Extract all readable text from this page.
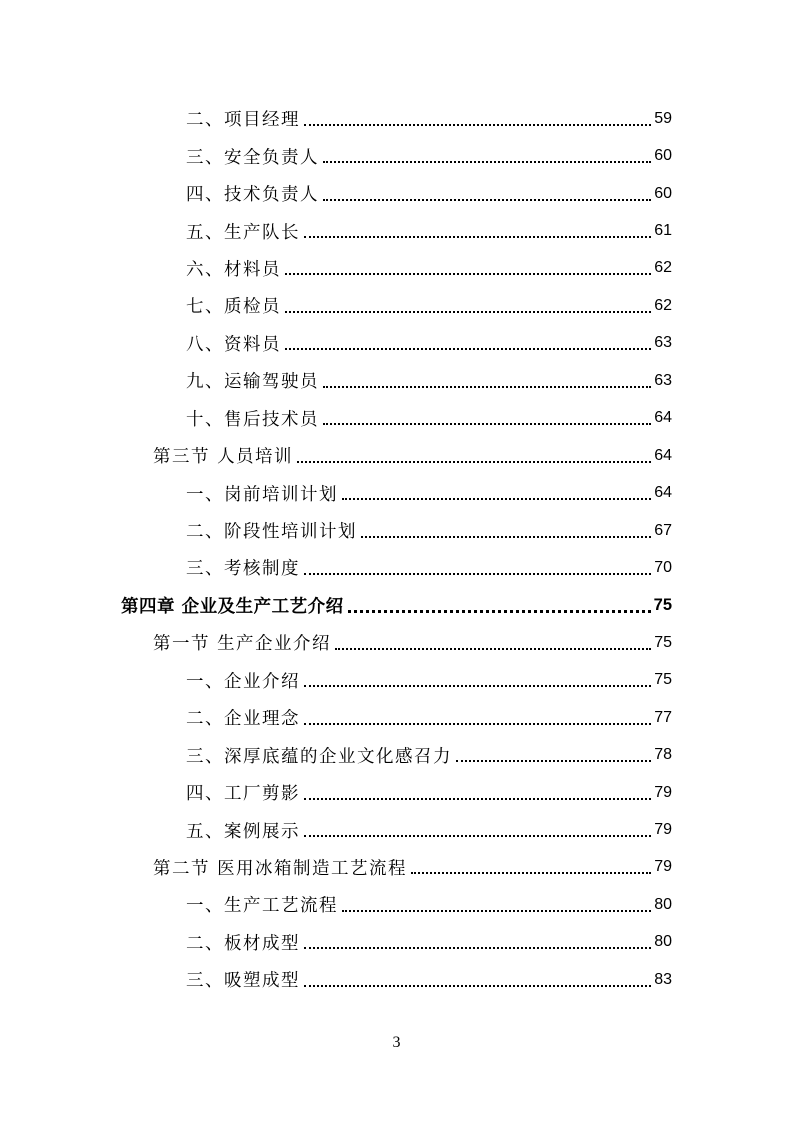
二、项目经理	59
三、安全负责人	60
四、技术负责人	60
五、生产队长	61
六、材料员	62
七、质检员	62
八、资料员	63
九、运输驾驶员	63
十、售后技术员	64
第三节 人员培训	64
一、岗前培训计划	64
二、阶段性培训计划	67
三、考核制度	70
第四章 企业及生产工艺介绍	75
第一节 生产企业介绍	75
一、企业介绍	75
二、企业理念	77
三、深厚底蕴的企业文化感召力	78
四、工厂剪影	79
五、案例展示	79
第二节 医用冰箱制造工艺流程	79
一、生产工艺流程	80
二、板材成型	80
三、吸塑成型	83
3
